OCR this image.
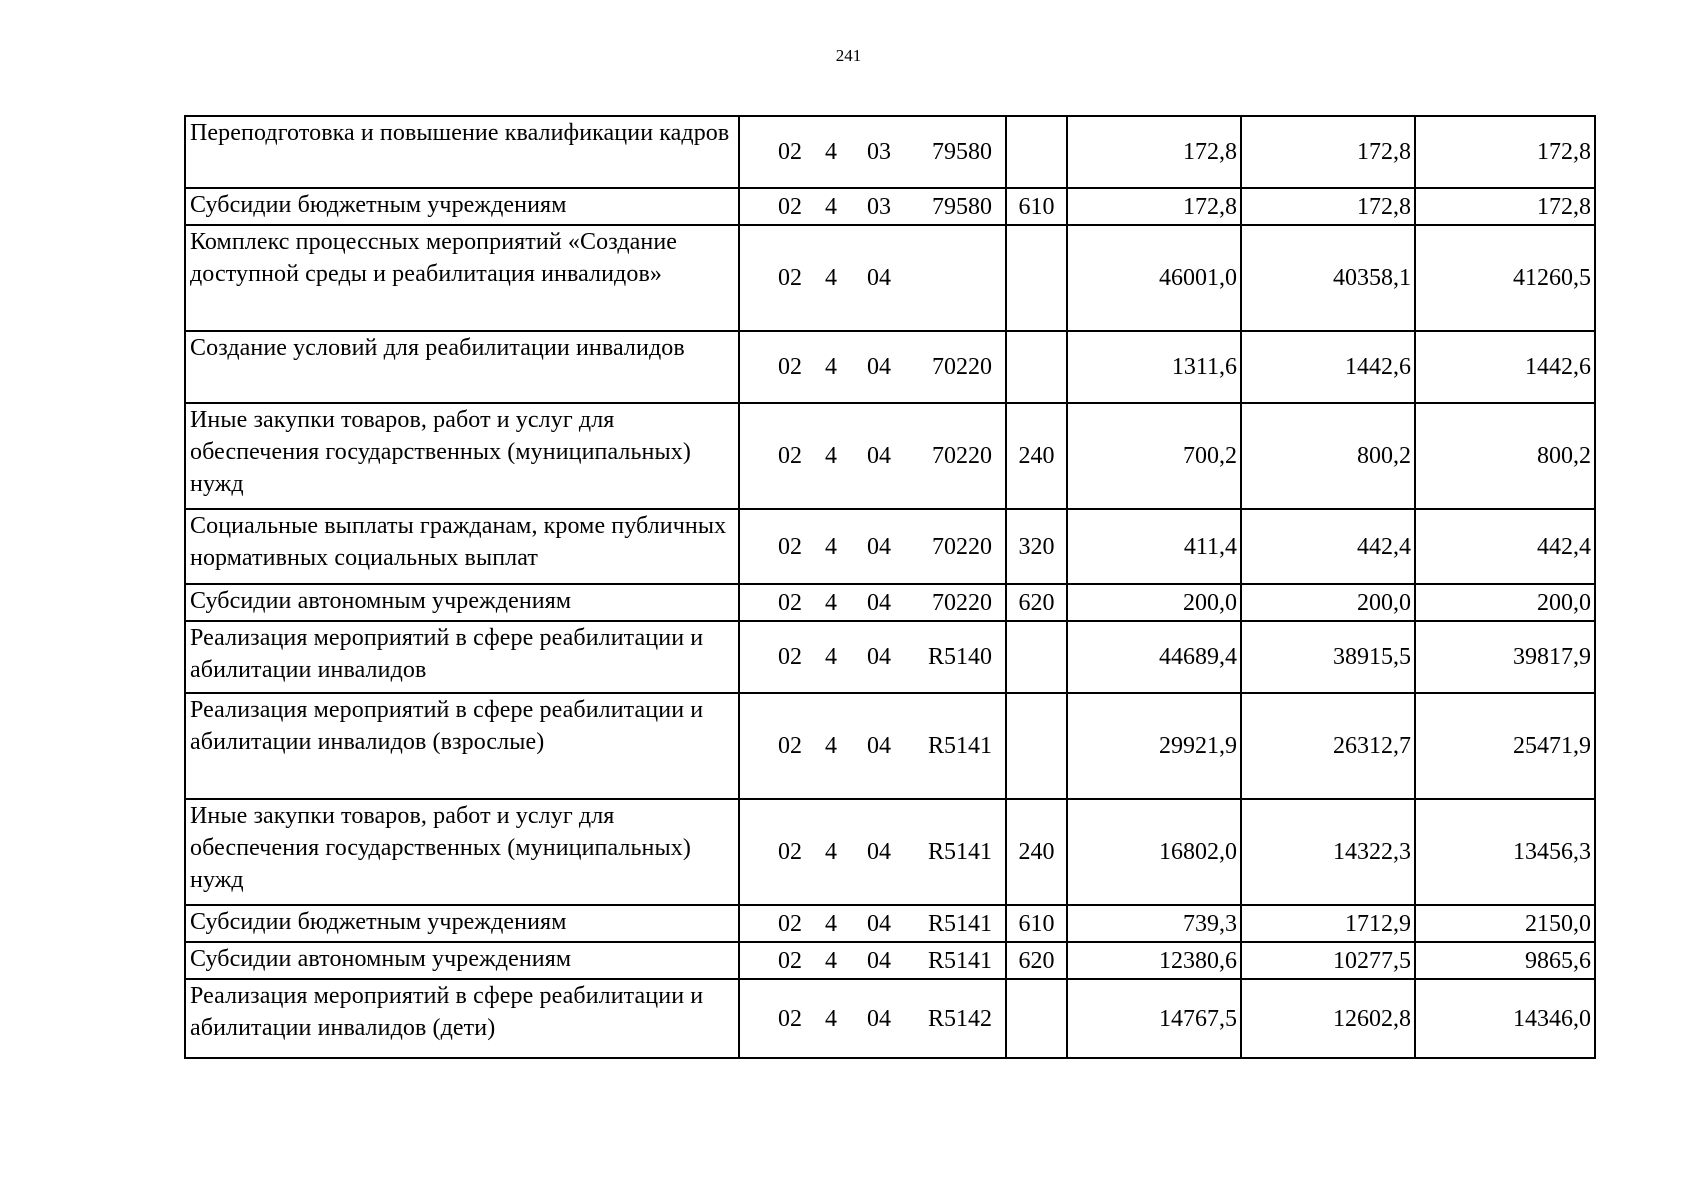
241
Переподготовка и повышение квалификации кадров	02 4 03 79580		172,8	172,8	172,8
Субсидии бюджетным учреждениям	02 4 03 79580	610	172,8	172,8	172,8
Комплекс процессных мероприятий «Создание доступной среды и реабилитация инвалидов»	02 4 04		46001,0	40358,1	41260,5
Создание условий для реабилитации инвалидов	02 4 04 70220		1311,6	1442,6	1442,6
Иные закупки товаров, работ и услуг для обеспечения государственных (муниципальных) нужд	02 4 04 70220	240	700,2	800,2	800,2
Социальные выплаты гражданам, кроме публичных нормативных социальных выплат	02 4 04 70220	320	411,4	442,4	442,4
Субсидии автономным учреждениям	02 4 04 70220	620	200,0	200,0	200,0
Реализация мероприятий в сфере реабилитации и абилитации инвалидов	02 4 04 R5140		44689,4	38915,5	39817,9
Реализация мероприятий в сфере реабилитации и абилитации инвалидов (взрослые)	02 4 04 R5141		29921,9	26312,7	25471,9
Иные закупки товаров, работ и услуг для обеспечения государственных (муниципальных) нужд	02 4 04 R5141	240	16802,0	14322,3	13456,3
Субсидии бюджетным учреждениям	02 4 04 R5141	610	739,3	1712,9	2150,0
Субсидии автономным учреждениям	02 4 04 R5141	620	12380,6	10277,5	9865,6
Реализация мероприятий в сфере реабилитации и абилитации инвалидов (дети)	02 4 04 R5142		14767,5	12602,8	14346,0
